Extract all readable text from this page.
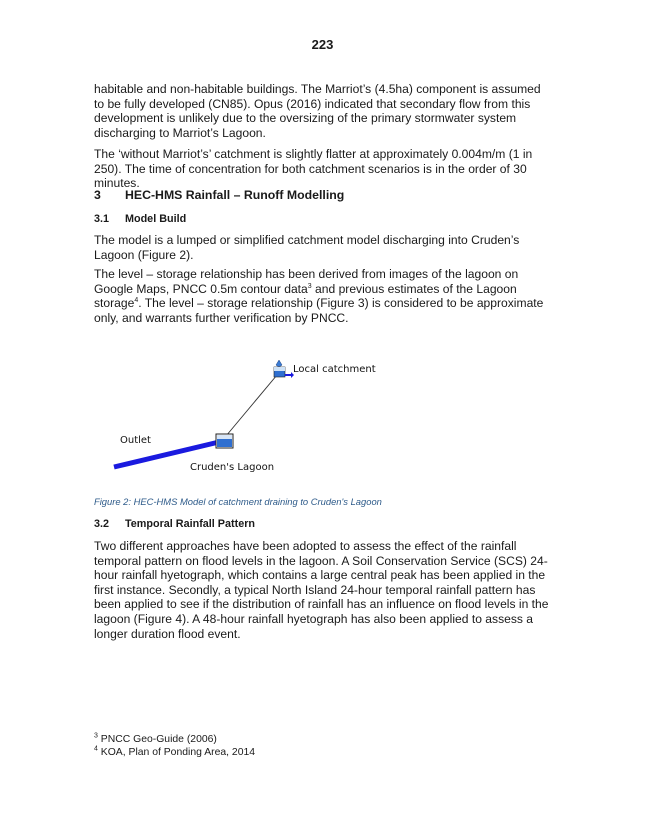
223

habitable and non-habitable buildings. The Marriot’s (4.5ha) component is assumed to be fully developed (CN85). Opus (2016) indicated that secondary flow from this development is unlikely due to the oversizing of the primary stormwater system discharging to Marriot’s Lagoon.

The ‘without Marriot’s’ catchment is slightly flatter at approximately 0.004m/m (1 in 250). The time of concentration for both catchment scenarios is in the order of 30 minutes.

3 HEC-HMS Rainfall – Runoff Modelling
3.1 Model Build

The model is a lumped or simplified catchment model discharging into Cruden’s Lagoon (Figure 2).

The level – storage relationship has been derived from images of the lagoon on Google Maps, PNCC 0.5m contour data$^3$ and previous estimates of the Lagoon storage$^4$. The level – storage relationship (Figure 3) is considered to be approximate only, and warrants further verification by PNCC.

Local catchment
Outlet
Cruden's Lagoon
Figure 2: HEC-HMS Model of catchment draining to Cruden's Lagoon
3.2 Temporal Rainfall Pattern

Two different approaches have been adopted to assess the effect of the rainfall temporal pattern on flood levels in the lagoon. A Soil Conservation Service (SCS) 24-hour rainfall hyetograph, which contains a large central peak has been applied in the first instance. Secondly, a typical North Island 24-hour temporal rainfall pattern has been applied to see if the distribution of rainfall has an influence on flood levels in the lagoon (Figure 4). A 48-hour rainfall hyetograph has also been applied to assess a longer duration flood event.

$^3$ PNCC Geo-Guide (2006)
$^4$ KOA, Plan of Ponding Area, 2014
